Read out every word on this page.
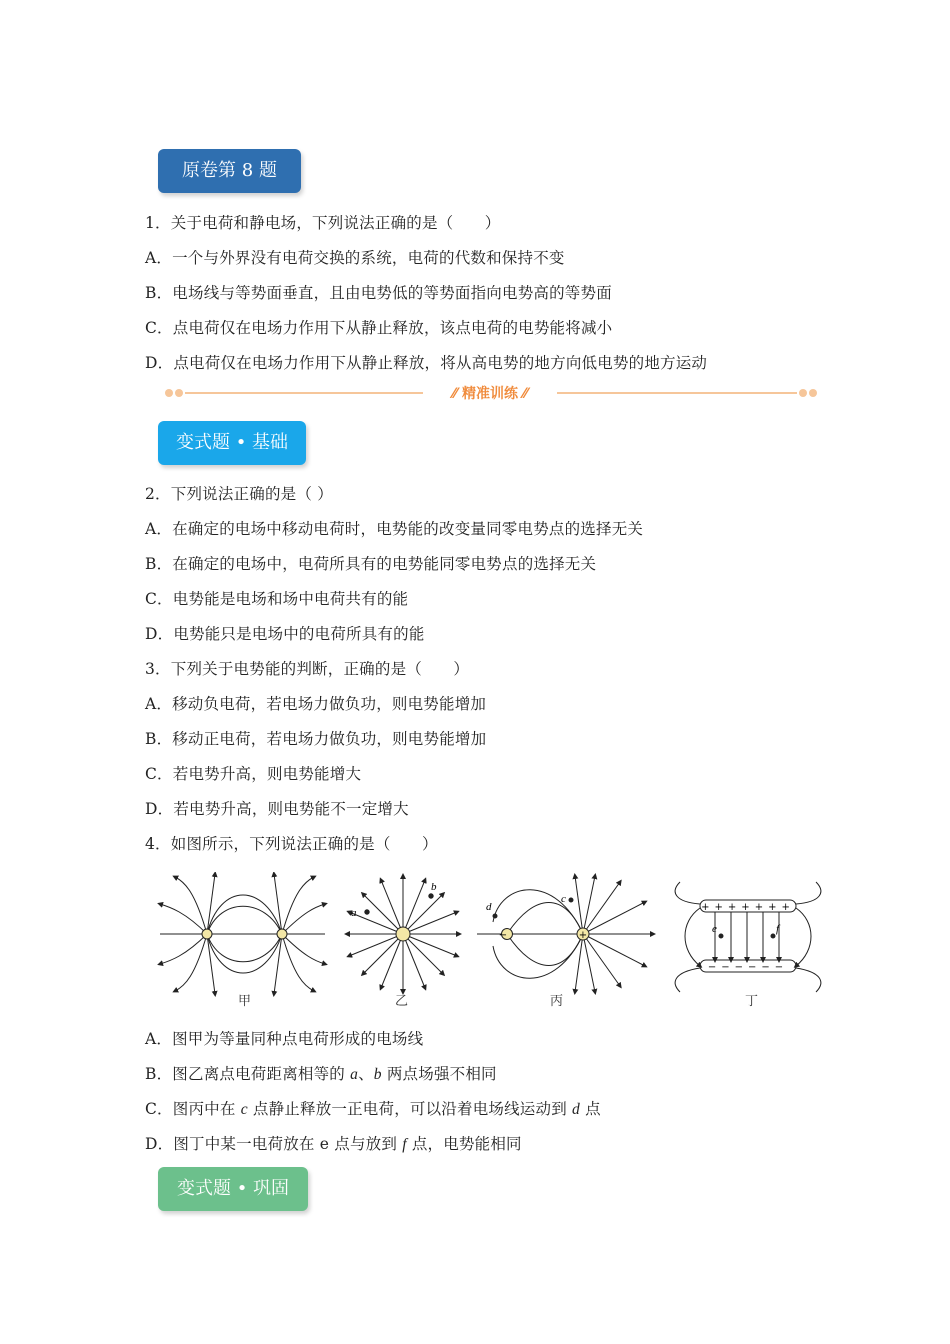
原卷第 8 题
1．关于电荷和静电场，下列说法正确的是（　　）
A．一个与外界没有电荷交换的系统，电荷的代数和保持不变
B．电场线与等势面垂直，且由电势低的等势面指向电势高的等势面
C．点电荷仅在电场力作用下从静止释放，该点电荷的电势能将减小
D．点电荷仅在电场力作用下从静止释放，将从高电势的地方向低电势的地方运动
⁄⁄ 精准训练 ⁄⁄
变式题 • 基础
2．下列说法正确的是（ ）
A．在确定的电场中移动电荷时，电势能的改变量同零电势点的选择无关
B．在确定的电场中，电荷所具有的电势能同零电势点的选择无关
C．电势能是电场和场中电荷共有的能
D．电势能只是电场中的电荷所具有的能
3．下列关于电势能的判断，正确的是（　　）
A．移动负电荷，若电场力做负功，则电势能增加
B．移动正电荷，若电场力做负功，则电势能增加
C．若电势升高，则电势能增大
D．若电势升高，则电势能不一定增大
4．如图所示，下列说法正确的是（　　）
a
b
−	+
d
c
+++++++
−−−−−−
e	f
甲	乙	丙	丁
A．图甲为等量同种点电荷形成的电场线
B．图乙离点电荷距离相等的 a、b 两点场强不相同
C．图丙中在 c 点静止释放一正电荷，可以沿着电场线运动到 d 点
D．图丁中某一电荷放在 e 点与放到 f 点，电势能相同
变式题 • 巩固
